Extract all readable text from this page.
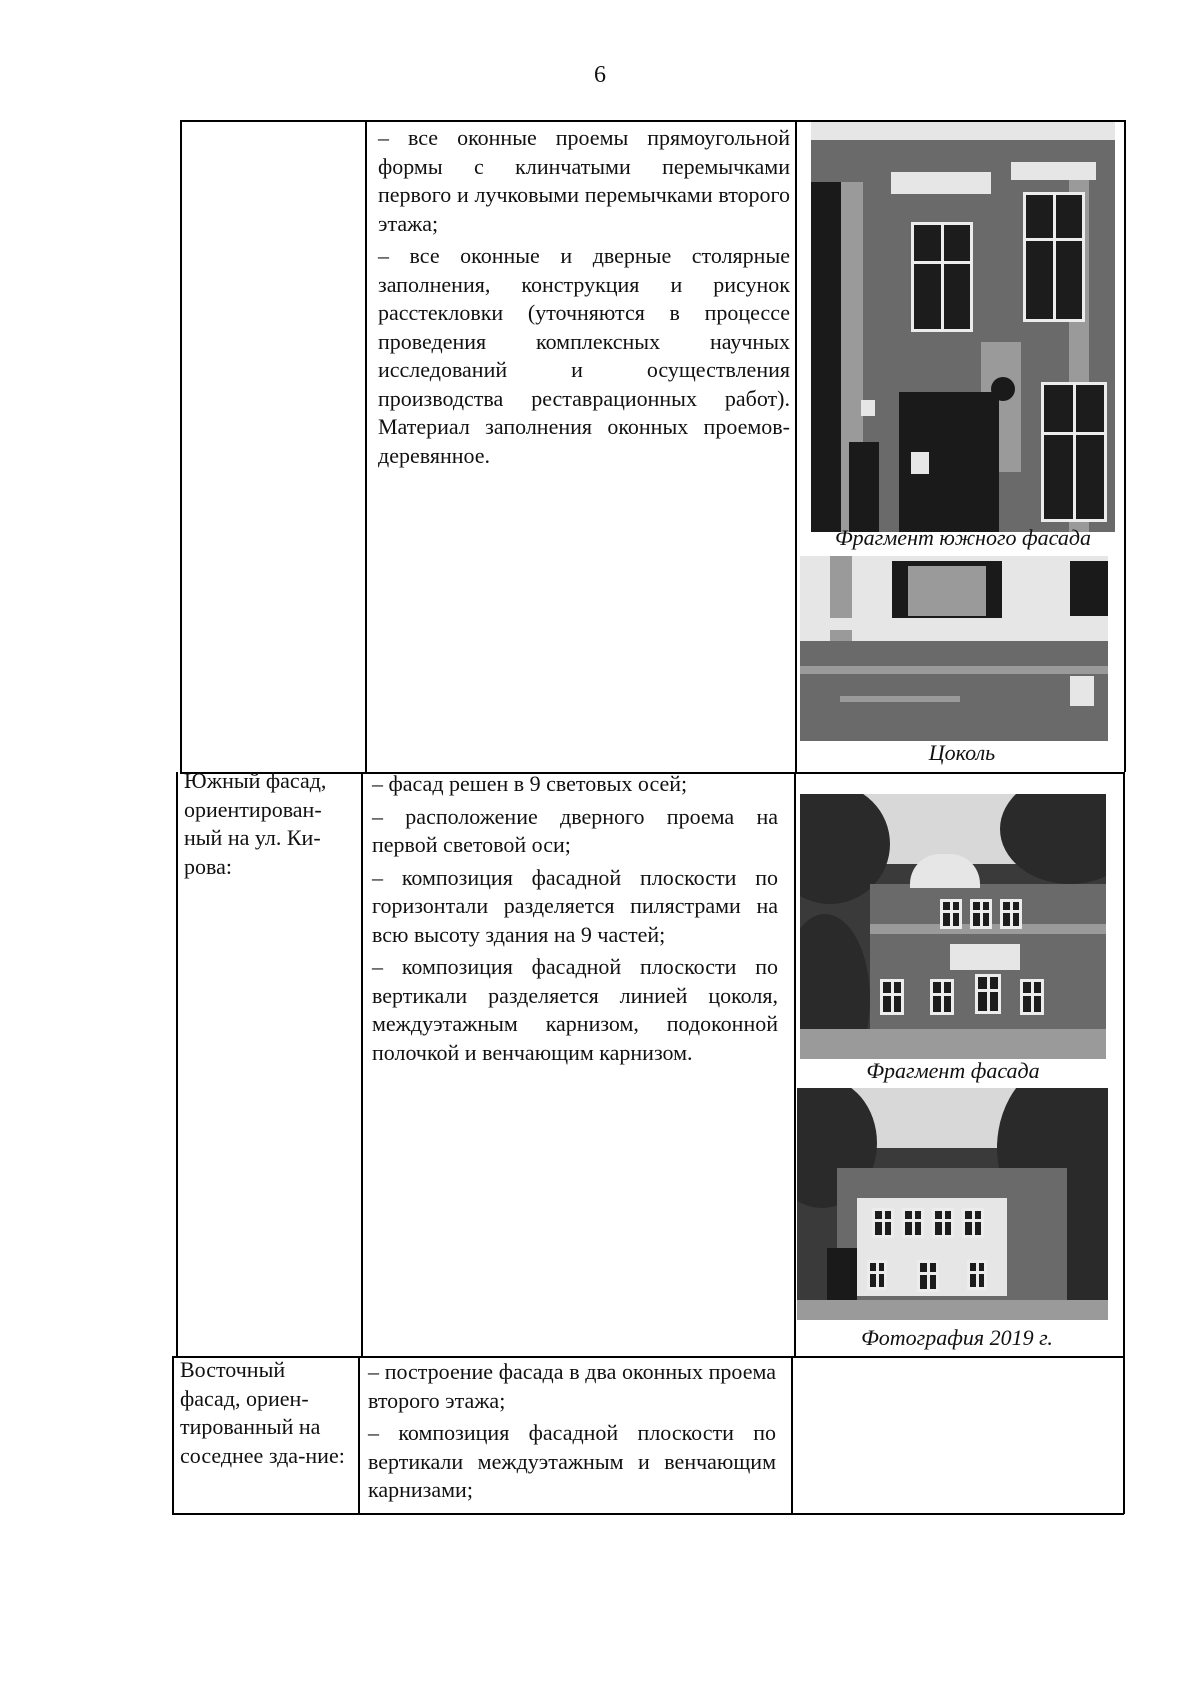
6

– все оконные проемы прямоугольной формы с клинчатыми перемычками первого и лучковыми перемычками второго этажа;

– все оконные и дверные столярные заполнения, конструкция и рисунок расстекловки (уточняются в процессе проведения комплексных научных исследований и осуществления производства реставрационных работ). Материал заполнения оконных проемов- деревянное.

Фрагмент южного фасада
Цоколь
Южный фасад, ориентирован-ный на ул. Ки-рова:

– фасад решен в 9 световых осей;

– расположение дверного проема на первой световой оси;

– композиция фасадной плоскости по горизонтали разделяется пилястрами на всю высоту здания на 9 частей;

– композиция фасадной плоскости по вертикали разделяется линией цоколя, междуэтажным карнизом, подоконной полочкой и венчающим карнизом.

Фрагмент фасада
Фотография 2019 г.
Восточный фасад, ориен-тированный на соседнее зда-ние:

– построение фасада в два оконных проема второго этажа;

– композиция фасадной плоскости по вертикали междуэтажным и венчающим карнизами;
